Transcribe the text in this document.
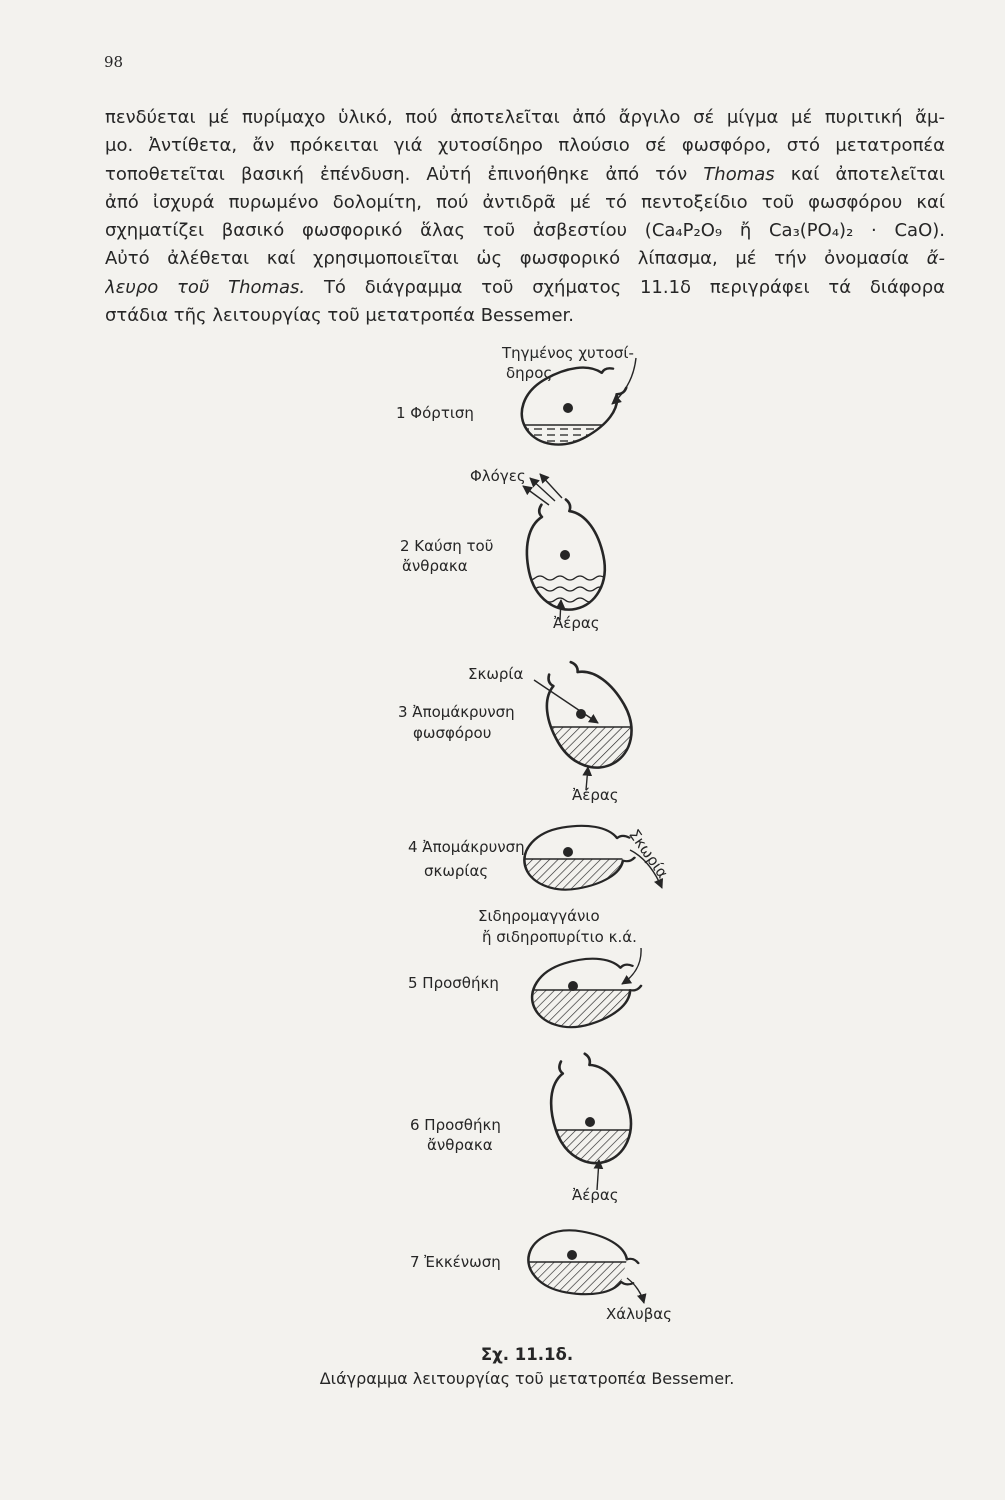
98
πενδύεται μέ πυρίμαχο ὑλικό, πού ἀποτελεῖται ἀπό ἄργιλο σέ μίγμα μέ πυριτική ἄμ-
μο. Ἀντίθετα, ἄν πρόκειται γιά χυτοσίδηρο πλούσιο σέ φωσφόρο, στό μετατροπέα
τοποθετεῖται βασική ἐπένδυση. Αὐτή ἐπινοήθηκε ἀπό τόν Thomas καί ἀποτελεῖται
ἀπό ἰσχυρά πυρωμένο δολομίτη, πού ἀντιδρᾶ μέ τό πεντοξείδιο τοῦ φωσφόρου καί
σχηματίζει βασικό φωσφορικό ἅλας τοῦ ἀσβεστίου (Ca₄P₂O₉ ἤ Ca₃(PO₄)₂ · CaO).
Αὐτό ἀλέθεται καί χρησιμοποιεῖται ὡς φωσφορικό λίπασμα, μέ τήν ὀνομασία ἄ-
λευρο τοῦ Thomas. Τό διάγραμμα τοῦ σχήματος 11.1δ περιγράφει τά διάφορα
στάδια τῆς λειτουργίας τοῦ μετατροπέα Bessemer.
Τηγμένος χυτοσί-
δηρος
1 Φόρτιση
Φλόγες
2 Καύση τοῦ
ἄνθρακα
Ἀέρας
Σκωρία
3 Ἀπομάκρυνση
φωσφόρου
Ἀέρας
4 Ἀπομάκρυνση
σκωρίας	Σκωρία
Σιδηρομαγγάνιο
ἤ σιδηροπυρίτιο κ.ά.
5 Προσθήκη
6 Προσθήκη
ἄνθρακα
Ἀέρας
7 Ἐκκένωση
Χάλυβας
Σχ. 11.1δ.
Διάγραμμα λειτουργίας τοῦ μετατροπέα Bessemer.
